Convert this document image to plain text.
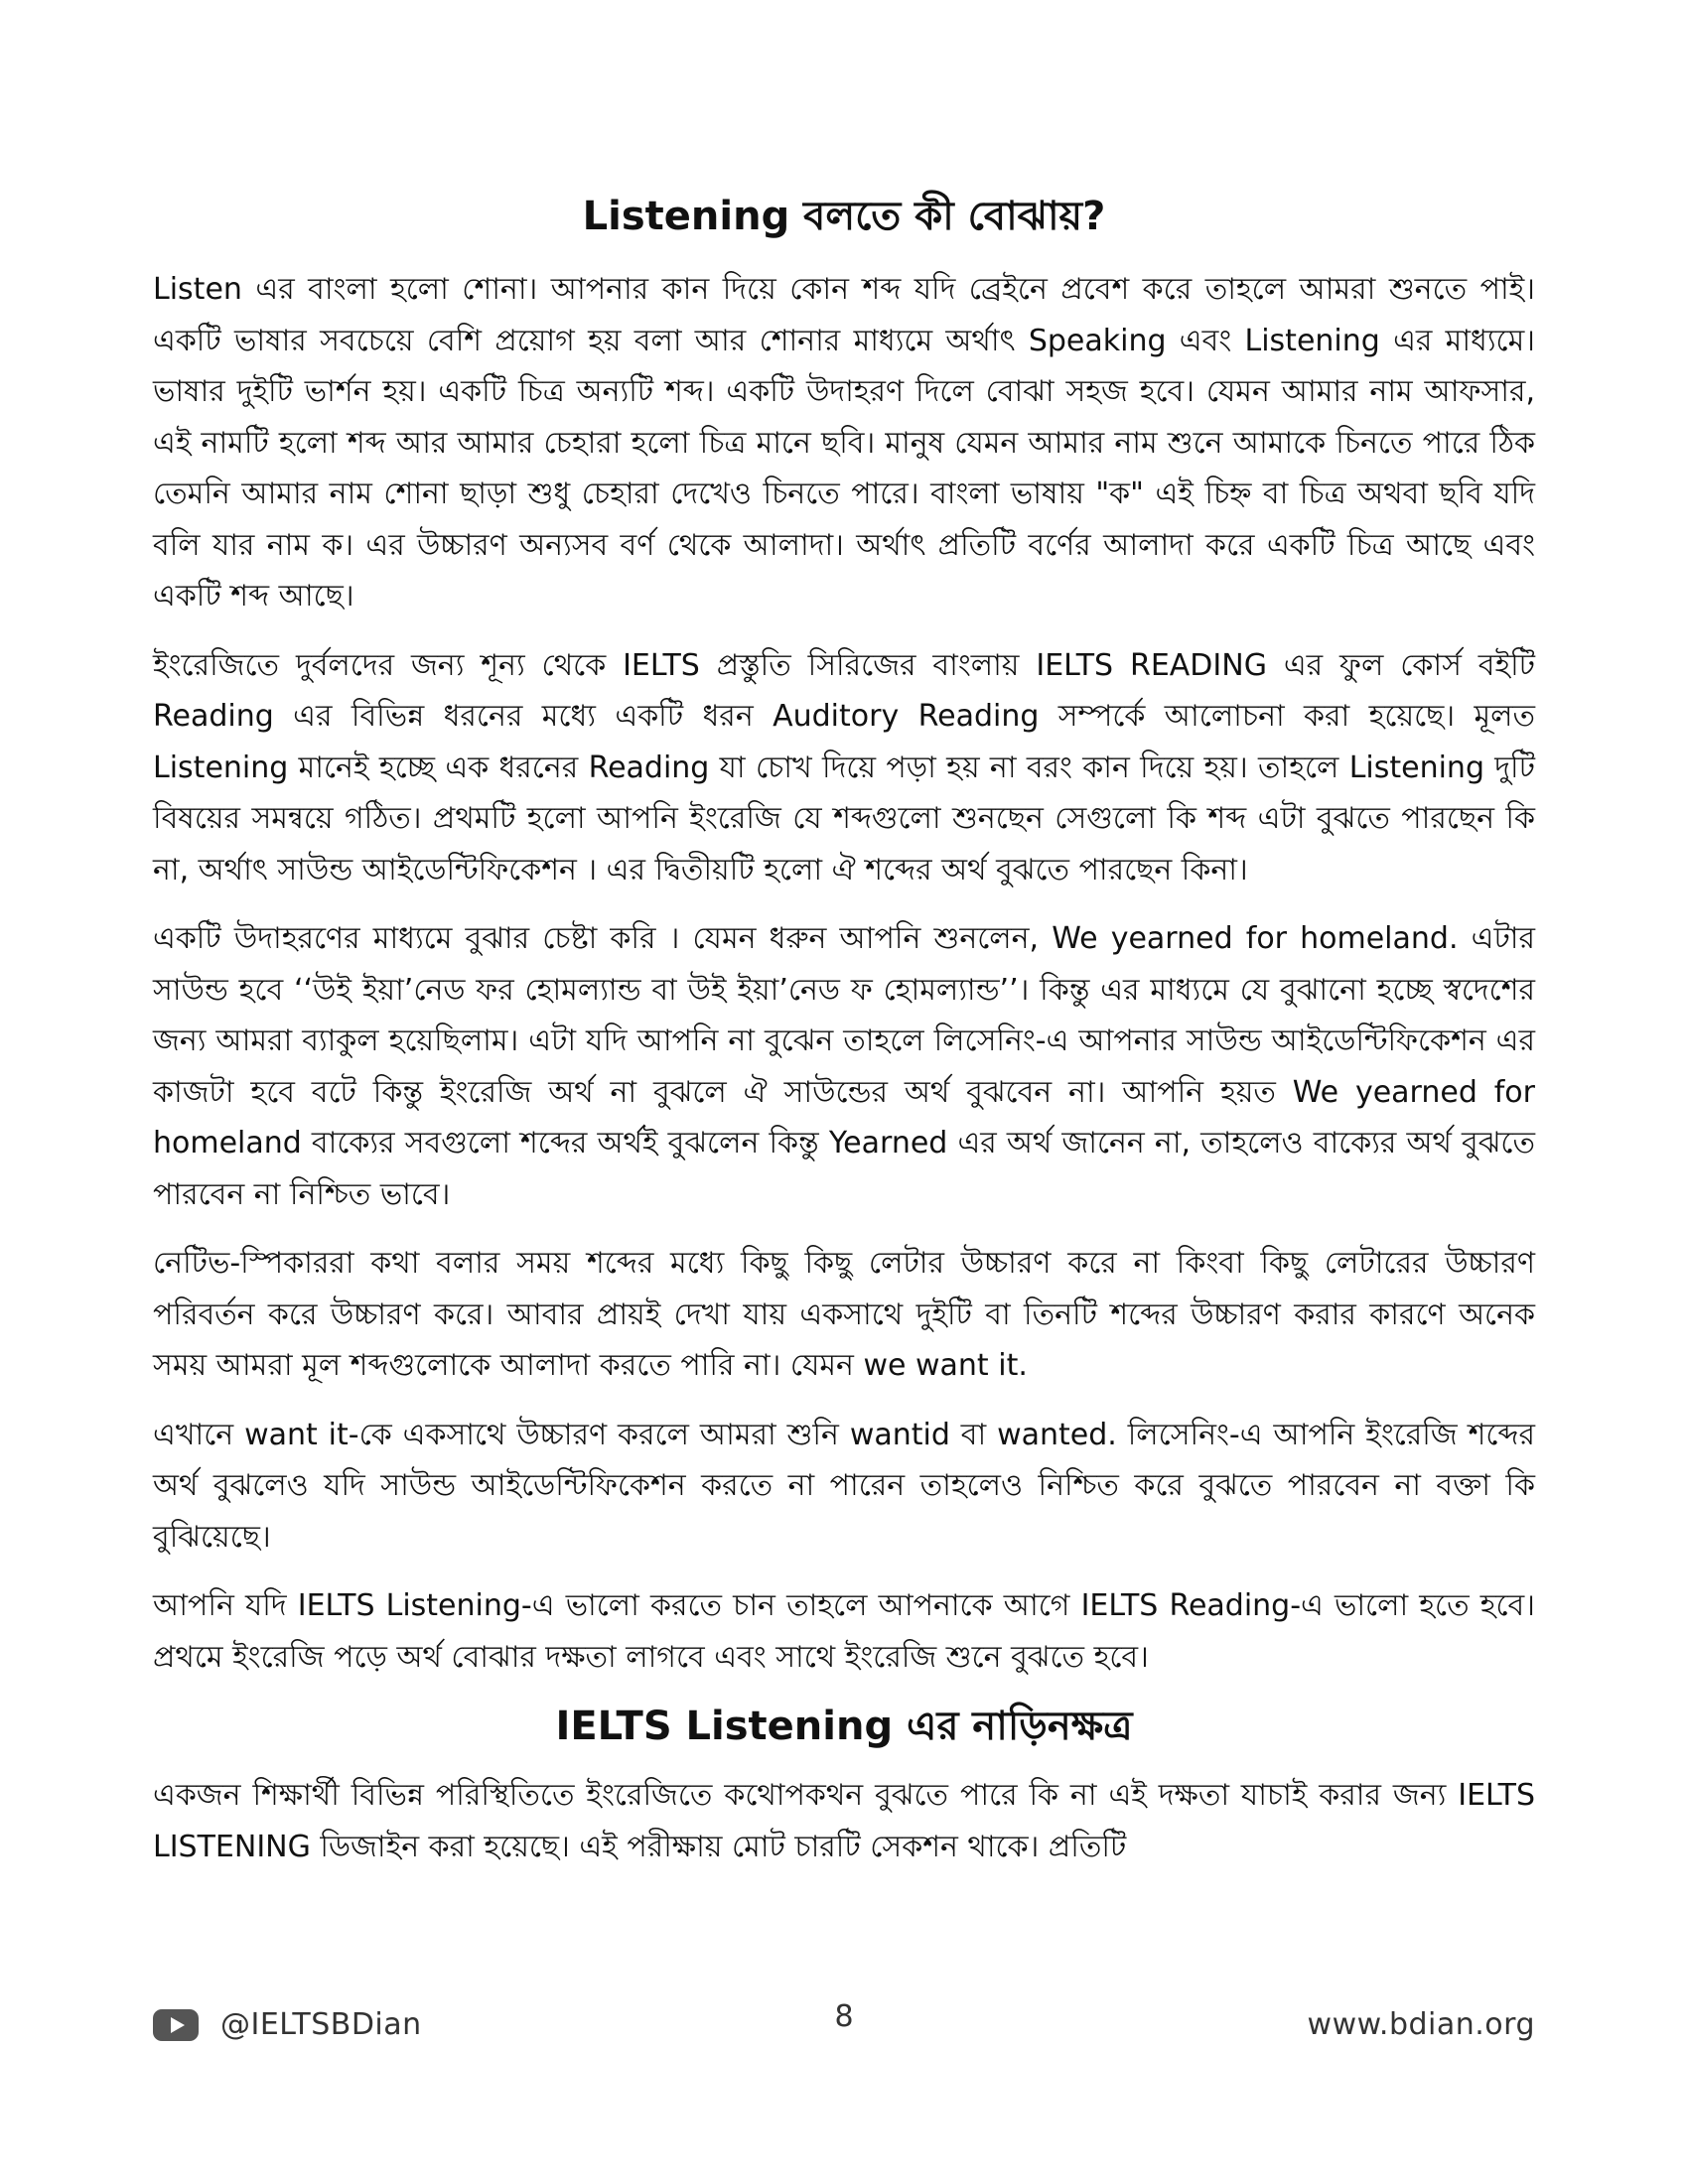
Listening বলতে কী বোঝায়?

Listen এর বাংলা হলো শোনা। আপনার কান দিয়ে কোন শব্দ যদি ব্রেইনে প্রবেশ করে তাহলে আমরা শুনতে পাই। একটি ভাষার সবচেয়ে বেশি প্রয়োগ হয় বলা আর শোনার মাধ্যমে অর্থাৎ Speaking এবং Listening এর মাধ্যমে। ভাষার দুইটি ভার্শন হয়। একটি চিত্র অন্যটি শব্দ। একটি উদাহরণ দিলে বোঝা সহজ হবে। যেমন আমার নাম আফসার, এই নামটি হলো শব্দ আর আমার চেহারা হলো চিত্র মানে ছবি। মানুষ যেমন আমার নাম শুনে আমাকে চিনতে পারে ঠিক তেমনি আমার নাম শোনা ছাড়া শুধু চেহারা দেখেও চিনতে পারে। বাংলা ভাষায় "ক" এই চিহ্ন বা চিত্র অথবা ছবি যদি বলি যার নাম ক। এর উচ্চারণ অন্যসব বর্ণ থেকে আলাদা। অর্থাৎ প্রতিটি বর্ণের আলাদা করে একটি চিত্র আছে এবং একটি শব্দ আছে।

ইংরেজিতে দুর্বলদের জন্য শূন্য থেকে IELTS প্রস্তুতি সিরিজের বাংলায় IELTS READING এর ফুল কোর্স বইটি Reading এর বিভিন্ন ধরনের মধ্যে একটি ধরন Auditory Reading সম্পর্কে আলোচনা করা হয়েছে। মূলত Listening মানেই হচ্ছে এক ধরনের Reading যা চোখ দিয়ে পড়া হয় না বরং কান দিয়ে হয়। তাহলে Listening দুটি বিষয়ের সমন্বয়ে গঠিত। প্রথমটি হলো আপনি ইংরেজি যে শব্দগুলো শুনছেন সেগুলো কি শব্দ এটা বুঝতে পারছেন কি না, অর্থাৎ সাউন্ড আইডেন্টিফিকেশন । এর দ্বিতীয়টি হলো ঐ শব্দের অর্থ বুঝতে পারছেন কিনা।

একটি উদাহরণের মাধ্যমে বুঝার চেষ্টা করি । যেমন ধরুন আপনি শুনলেন, We yearned for homeland. এটার সাউন্ড হবে ‘‘উই ইয়া’নেড ফর হোমল্যান্ড বা উই ইয়া’নেড ফ হোমল্যান্ড’’। কিন্তু এর মাধ্যমে যে বুঝানো হচ্ছে স্বদেশের জন্য আমরা ব্যাকুল হয়েছিলাম। এটা যদি আপনি না বুঝেন তাহলে লিসেনিং-এ আপনার সাউন্ড আইডেন্টিফিকেশন এর কাজটা হবে বটে কিন্তু ইংরেজি অর্থ না বুঝলে ঐ সাউন্ডের অর্থ বুঝবেন না। আপনি হয়ত We yearned for homeland বাক্যের সবগুলো শব্দের অর্থই বুঝলেন কিন্তু Yearned এর অর্থ জানেন না, তাহলেও বাক্যের অর্থ বুঝতে পারবেন না নিশ্চিত ভাবে।

নেটিভ-স্পিকাররা কথা বলার সময় শব্দের মধ্যে কিছু কিছু লেটার উচ্চারণ করে না কিংবা কিছু লেটারের উচ্চারণ পরিবর্তন করে উচ্চারণ করে। আবার প্রায়ই দেখা যায় একসাথে দুইটি বা তিনটি শব্দের উচ্চারণ করার কারণে অনেক সময় আমরা মূল শব্দগুলোকে আলাদা করতে পারি না। যেমন we want it.

এখানে want it-কে একসাথে উচ্চারণ করলে আমরা শুনি wantid বা wanted. লিসেনিং-এ আপনি ইংরেজি শব্দের অর্থ বুঝলেও যদি সাউন্ড আইডেন্টিফিকেশন করতে না পারেন তাহলেও নিশ্চিত করে বুঝতে পারবেন না বক্তা কি বুঝিয়েছে।

আপনি যদি IELTS Listening-এ ভালো করতে চান তাহলে আপনাকে আগে IELTS Reading-এ ভালো হতে হবে। প্রথমে ইংরেজি পড়ে অর্থ বোঝার দক্ষতা লাগবে এবং সাথে ইংরেজি শুনে বুঝতে হবে।

IELTS Listening এর নাড়িনক্ষত্র

একজন শিক্ষার্থী বিভিন্ন পরিস্থিতিতে ইংরেজিতে কথোপকথন বুঝতে পারে কি না এই দক্ষতা যাচাই করার জন্য IELTS LISTENING ডিজাইন করা হয়েছে। এই পরীক্ষায় মোট চারটি সেকশন থাকে। প্রতিটি

@IELTSBDian	8	www.bdian.org
